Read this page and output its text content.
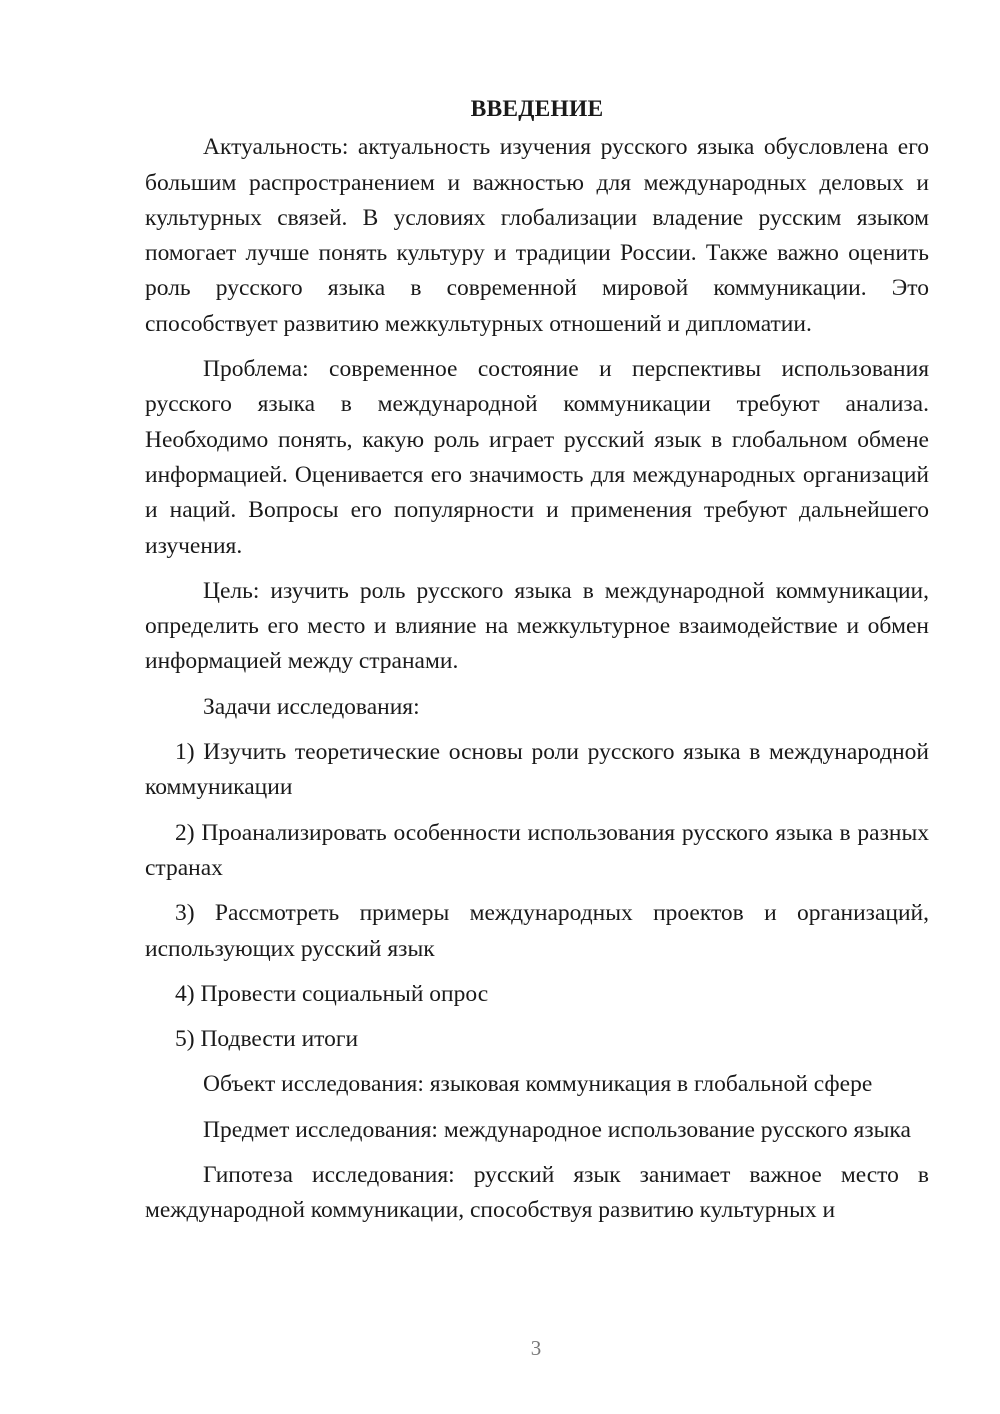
ВВЕДЕНИЕ

Актуальность: актуальность изучения русского языка обусловлена его большим распространением и важностью для международных деловых и культурных связей. В условиях глобализации владение русским языком помогает лучше понять культуру и традиции России. Также важно оценить роль русского языка в современной мировой коммуникации. Это способствует развитию межкультурных отношений и дипломатии.

Проблема: современное состояние и перспективы использования русского языка в международной коммуникации требуют анализа. Необходимо понять, какую роль играет русский язык в глобальном обмене информацией. Оценивается его значимость для международных организаций и наций. Вопросы его популярности и применения требуют дальнейшего изучения.

Цель: изучить роль русского языка в международной коммуникации, определить его место и влияние на межкультурное взаимодействие и обмен информацией между странами.

Задачи исследования:

1) Изучить теоретические основы роли русского языка в международной коммуникации

2) Проанализировать особенности использования русского языка в разных странах

3) Рассмотреть примеры международных проектов и организаций, использующих русский язык

4) Провести социальный опрос

5) Подвести итоги

Объект исследования: языковая коммуникация в глобальной сфере

Предмет исследования: международное использование русского языка

Гипотеза исследования: русский язык занимает важное место в международной коммуникации, способствуя развитию культурных и

3
